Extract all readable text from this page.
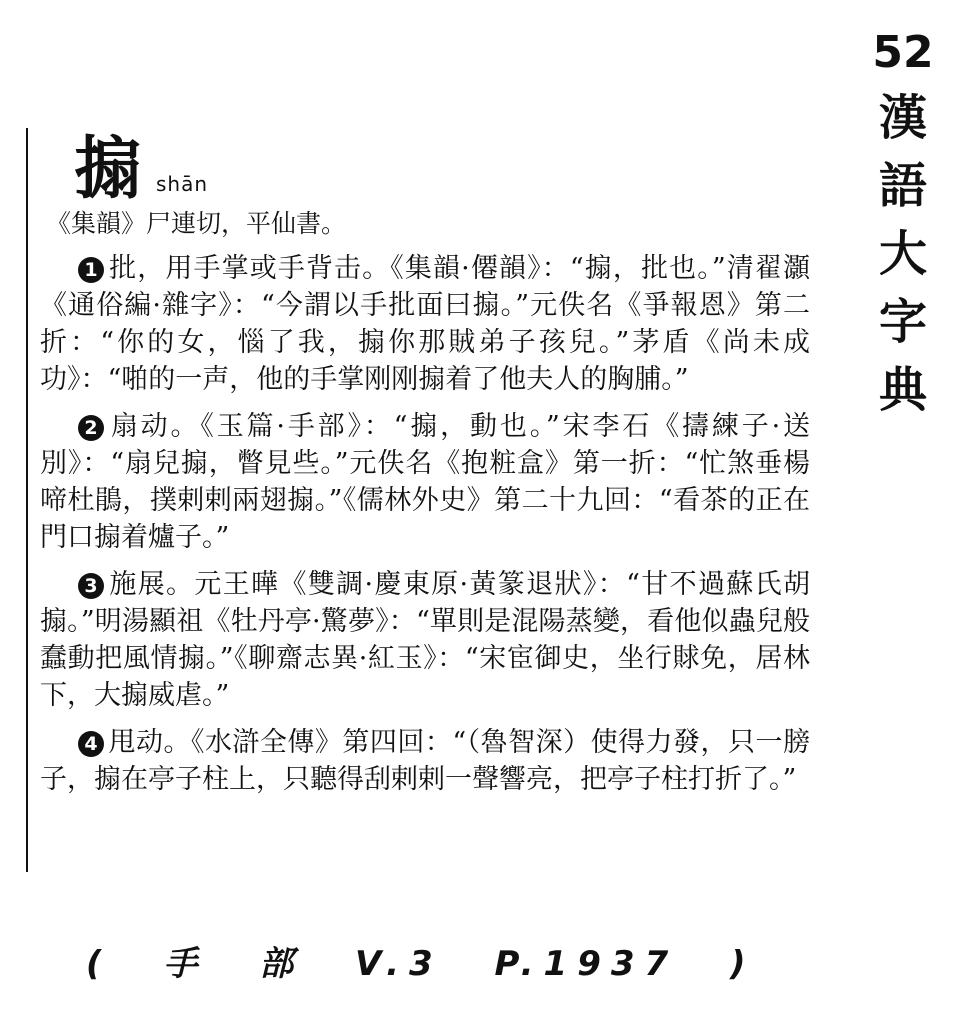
52
漢
語
大
字
典
搧 shān
《集韻》尸連切，平仙書。
1 批，用手掌或手背击。《集韻·僊韻》：“搧，批也。”清翟灝《通俗編·雜字》：“今謂以手批面曰搧。”元佚名《爭報恩》第二折：“你的女，惱了我，搧你那賊弟子孩兒。”茅盾《尚未成功》：“啪的一声，他的手掌刚刚搧着了他夫人的胸脯。”
2 扇动。《玉篇·手部》：“搧，動也。”宋李石《擣練子·送別》：“扇兒搧，瞥見些。”元佚名《抱粧盒》第一折：“忙煞垂楊啼杜鵑，撲剌剌兩翅搧。”《儒林外史》第二十九回：“看茶的正在門口搧着爐子。”
3 施展。元王曄《雙調·慶東原·黃篆退狀》：“甘不過蘇氏胡搧。”明湯顯祖《牡丹亭·驚夢》：“單則是混陽蒸變，看他似蟲兒般蠢動把風情搧。”《聊齋志異·紅玉》：“宋宦御史，坐行賕免，居林下，大搧威虐。”
4 甩动。《水滸全傳》第四回：“（魯智深）使得力發，只一膀子，搧在亭子柱上，只聽得刮剌剌一聲響亮，把亭子柱打折了。”
( 手 部 V.3 P.1937 )
